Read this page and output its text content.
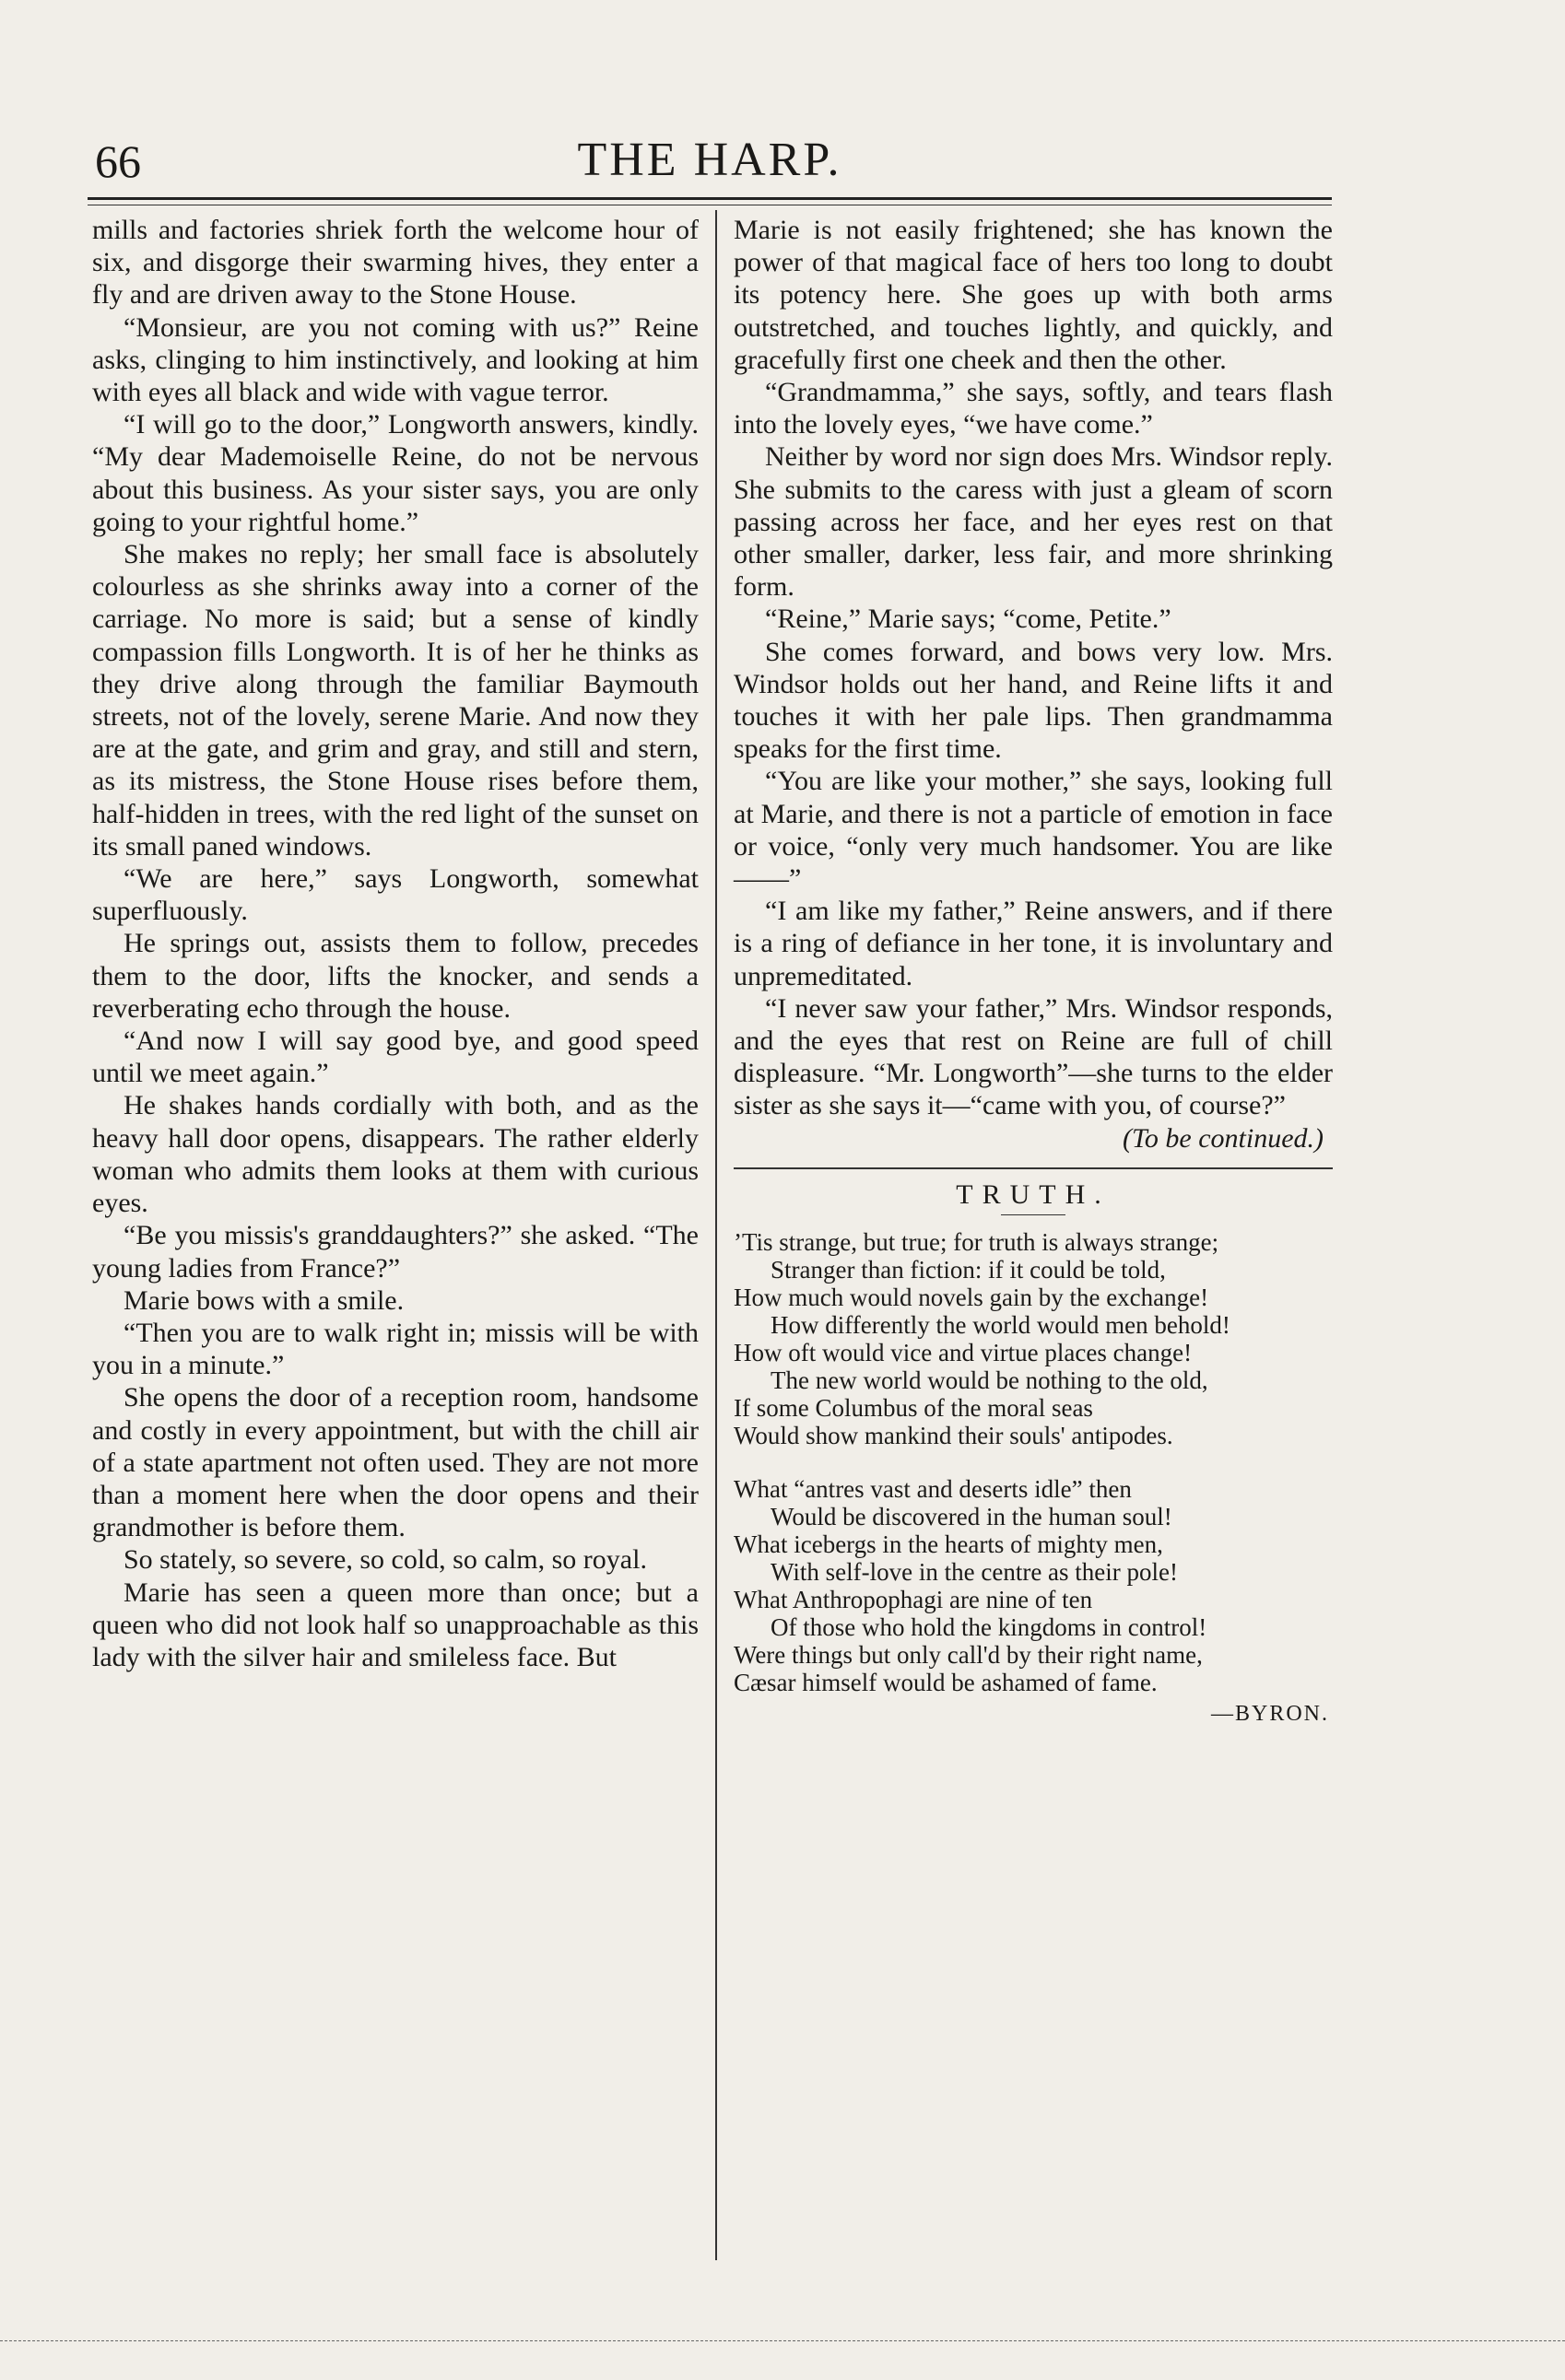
66	THE HARP.

mills and factories shriek forth the welcome hour of six, and disgorge their swarming hives, they enter a fly and are driven away to the Stone House.

“Monsieur, are you not coming with us?” Reine asks, clinging to him instinctively, and looking at him with eyes all black and wide with vague terror.

“I will go to the door,” Longworth answers, kindly. “My dear Mademoiselle Reine, do not be nervous about this business. As your sister says, you are only going to your rightful home.”

She makes no reply; her small face is absolutely colourless as she shrinks away into a corner of the carriage. No more is said; but a sense of kindly compassion fills Longworth. It is of her he thinks as they drive along through the familiar Baymouth streets, not of the lovely, serene Marie. And now they are at the gate, and grim and gray, and still and stern, as its mistress, the Stone House rises before them, half-hidden in trees, with the red light of the sunset on its small paned windows.

“We are here,” says Longworth, somewhat superfluously.

He springs out, assists them to follow, precedes them to the door, lifts the knocker, and sends a reverberating echo through the house.

“And now I will say good bye, and good speed until we meet again.”

He shakes hands cordially with both, and as the heavy hall door opens, disappears. The rather elderly woman who admits them looks at them with curious eyes.

“Be you missis's granddaughters?” she asked. “The young ladies from France?”

Marie bows with a smile.

“Then you are to walk right in; missis will be with you in a minute.”

She opens the door of a reception room, handsome and costly in every appointment, but with the chill air of a state apartment not often used. They are not more than a moment here when the door opens and their grandmother is before them.

So stately, so severe, so cold, so calm, so royal.

Marie has seen a queen more than once; but a queen who did not look half so unapproachable as this lady with the silver hair and smileless face. But

Marie is not easily frightened; she has known the power of that magical face of hers too long to doubt its potency here. She goes up with both arms outstretched, and touches lightly, and quickly, and gracefully first one cheek and then the other.

“Grandmamma,” she says, softly, and tears flash into the lovely eyes, “we have come.”

Neither by word nor sign does Mrs. Windsor reply. She submits to the caress with just a gleam of scorn passing across her face, and her eyes rest on that other smaller, darker, less fair, and more shrinking form.

“Reine,” Marie says; “come, Petite.”

She comes forward, and bows very low. Mrs. Windsor holds out her hand, and Reine lifts it and touches it with her pale lips. Then grandmamma speaks for the first time.

“You are like your mother,” she says, looking full at Marie, and there is not a particle of emotion in face or voice, “only very much handsomer. You are like——”

“I am like my father,” Reine answers, and if there is a ring of defiance in her tone, it is involuntary and unpremeditated.

“I never saw your father,” Mrs. Windsor responds, and the eyes that rest on Reine are full of chill displeasure. “Mr. Longworth”—she turns to the elder sister as she says it—“came with you, of course?”

(To be continued.)

TRUTH.

’Tis strange, but true; for truth is always strange;

Stranger than fiction: if it could be told,

How much would novels gain by the exchange!

How differently the world would men behold!

How oft would vice and virtue places change!

The new world would be nothing to the old,

If some Columbus of the moral seas

Would show mankind their souls' antipodes.

What “antres vast and deserts idle” then

Would be discovered in the human soul!

What icebergs in the hearts of mighty men,

With self-love in the centre as their pole!

What Anthropophagi are nine of ten

Of those who hold the kingdoms in control!

Were things but only call'd by their right name,

Cæsar himself would be ashamed of fame.

—BYRON.
